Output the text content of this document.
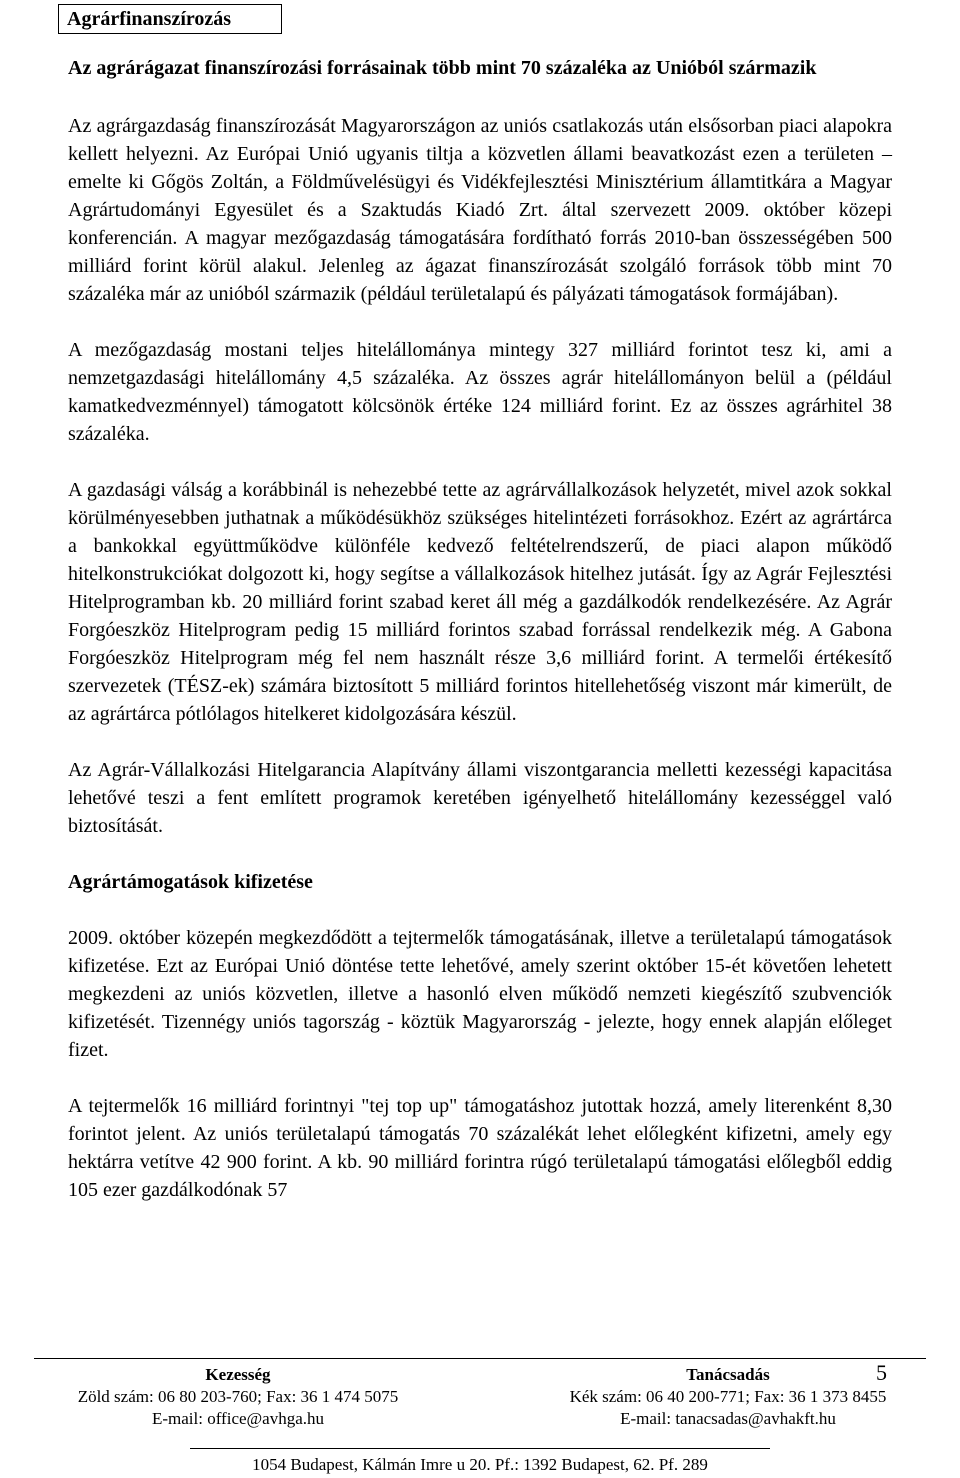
Agrárfinanszírozás

Az agrárágazat finanszírozási forrásainak több mint 70 százaléka az Unióból származik

Az agrárgazdaság finanszírozását Magyarországon az uniós csatlakozás után elsősorban piaci alapokra kellett helyezni. Az Európai Unió ugyanis tiltja a közvetlen állami beavatkozást ezen a területen – emelte ki Gőgös Zoltán, a Földművelésügyi és Vidékfejlesztési Minisztérium államtitkára a Magyar Agrártudományi Egyesület és a Szaktudás Kiadó Zrt. által szervezett 2009. október közepi konferencián. A magyar mezőgazdaság támogatására fordítható forrás 2010-ban összességében 500 milliárd forint körül alakul. Jelenleg az ágazat finanszírozását szolgáló források több mint 70 százaléka már az unióból származik (például területalapú és pályázati támogatások formájában).

A mezőgazdaság mostani teljes hitelállománya mintegy 327 milliárd forintot tesz ki, ami a nemzetgazdasági hitelállomány 4,5 százaléka. Az összes agrár hitelállományon belül a (például kamatkedvezménnyel) támogatott kölcsönök értéke 124 milliárd forint. Ez az összes agrárhitel 38 százaléka.

A gazdasági válság a korábbinál is nehezebbé tette az agrárvállalkozások helyzetét, mivel azok sokkal körülményesebben juthatnak a működésükhöz szükséges hitelintézeti forrásokhoz. Ezért az agrártárca a bankokkal együttműködve különféle kedvező feltételrendszerű, de piaci alapon működő hitelkonstrukciókat dolgozott ki, hogy segítse a vállalkozások hitelhez jutását. Így az Agrár Fejlesztési Hitelprogramban kb. 20 milliárd forint szabad keret áll még a gazdálkodók rendelkezésére. Az Agrár Forgóeszköz Hitelprogram pedig 15 milliárd forintos szabad forrással rendelkezik még. A Gabona Forgóeszköz Hitelprogram még fel nem használt része 3,6 milliárd forint. A termelői értékesítő szervezetek (TÉSZ-ek) számára biztosított 5 milliárd forintos hitellehetőség viszont már kimerült, de az agrártárca pótlólagos hitelkeret kidolgozására készül.

Az Agrár-Vállalkozási Hitelgarancia Alapítvány állami viszontgarancia melletti kezességi kapacitása lehetővé teszi a fent említett programok keretében igényelhető hitelállomány kezességgel való biztosítását.

Agrártámogatások kifizetése

2009. október közepén megkezdődött a tejtermelők támogatásának, illetve a területalapú támogatások kifizetése. Ezt az Európai Unió döntése tette lehetővé, amely szerint október 15-ét követően lehetett megkezdeni az uniós közvetlen, illetve a hasonló elven működő nemzeti kiegészítő szubvenciók kifizetését. Tizennégy uniós tagország - köztük Magyarország - jelezte, hogy ennek alapján előleget fizet.

A tejtermelők 16 milliárd forintnyi "tej top up" támogatáshoz jutottak hozzá, amely literenként 8,30 forintot jelent. Az uniós területalapú támogatás 70 százalékát lehet előlegként kifizetni, amely egy hektárra vetítve 42 900 forint. A kb. 90 milliárd forintra rúgó területalapú támogatási előlegből eddig 105 ezer gazdálkodónak 57

Kezesség
Zöld szám: 06 80 203-760; Fax: 36 1 474 5075
E-mail: office@avhga.hu
Tanácsadás
Kék szám: 06 40 200-771; Fax: 36 1 373 8455
E-mail: tanacsadas@avhakft.hu
5
1054 Budapest, Kálmán Imre u 20. Pf.: 1392 Budapest, 62. Pf. 289
